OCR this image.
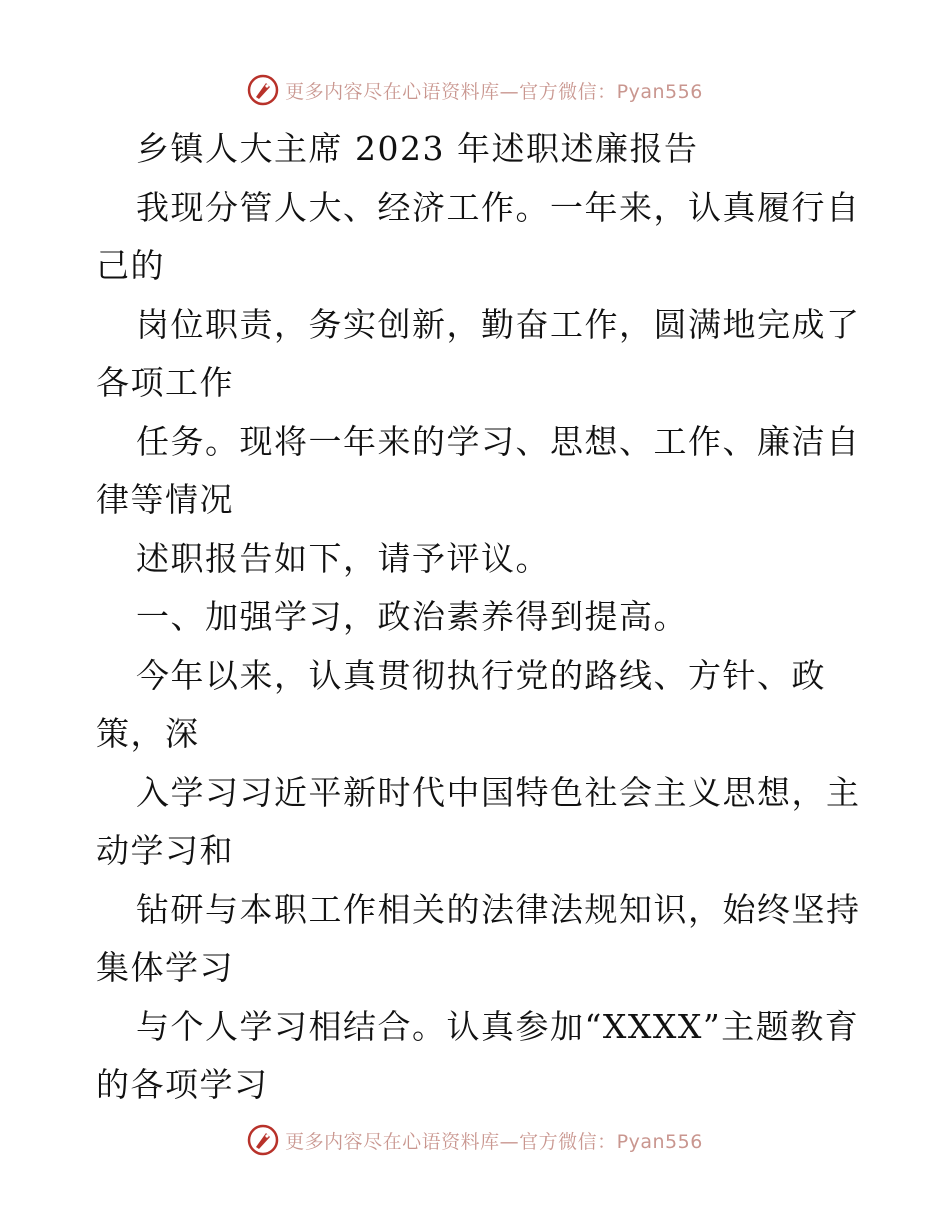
更多内容尽在心语资料库—官方微信：Pyan556
乡镇人大主席 2023 年述职述廉报告
我现分管人大、经济工作。一年来，认真履行自
己的
岗位职责，务实创新，勤奋工作，圆满地完成了
各项工作
任务。现将一年来的学习、思想、工作、廉洁自
律等情况
述职报告如下，请予评议。
一、加强学习，政治素养得到提高。
今年以来，认真贯彻执行党的路线、方针、政
策，深
入学习习近平新时代中国特色社会主义思想，主
动学习和
钻研与本职工作相关的法律法规知识，始终坚持
集体学习
与个人学习相结合。认真参加“XXXX”主题教育
的各项学习
更多内容尽在心语资料库—官方微信：Pyan556
